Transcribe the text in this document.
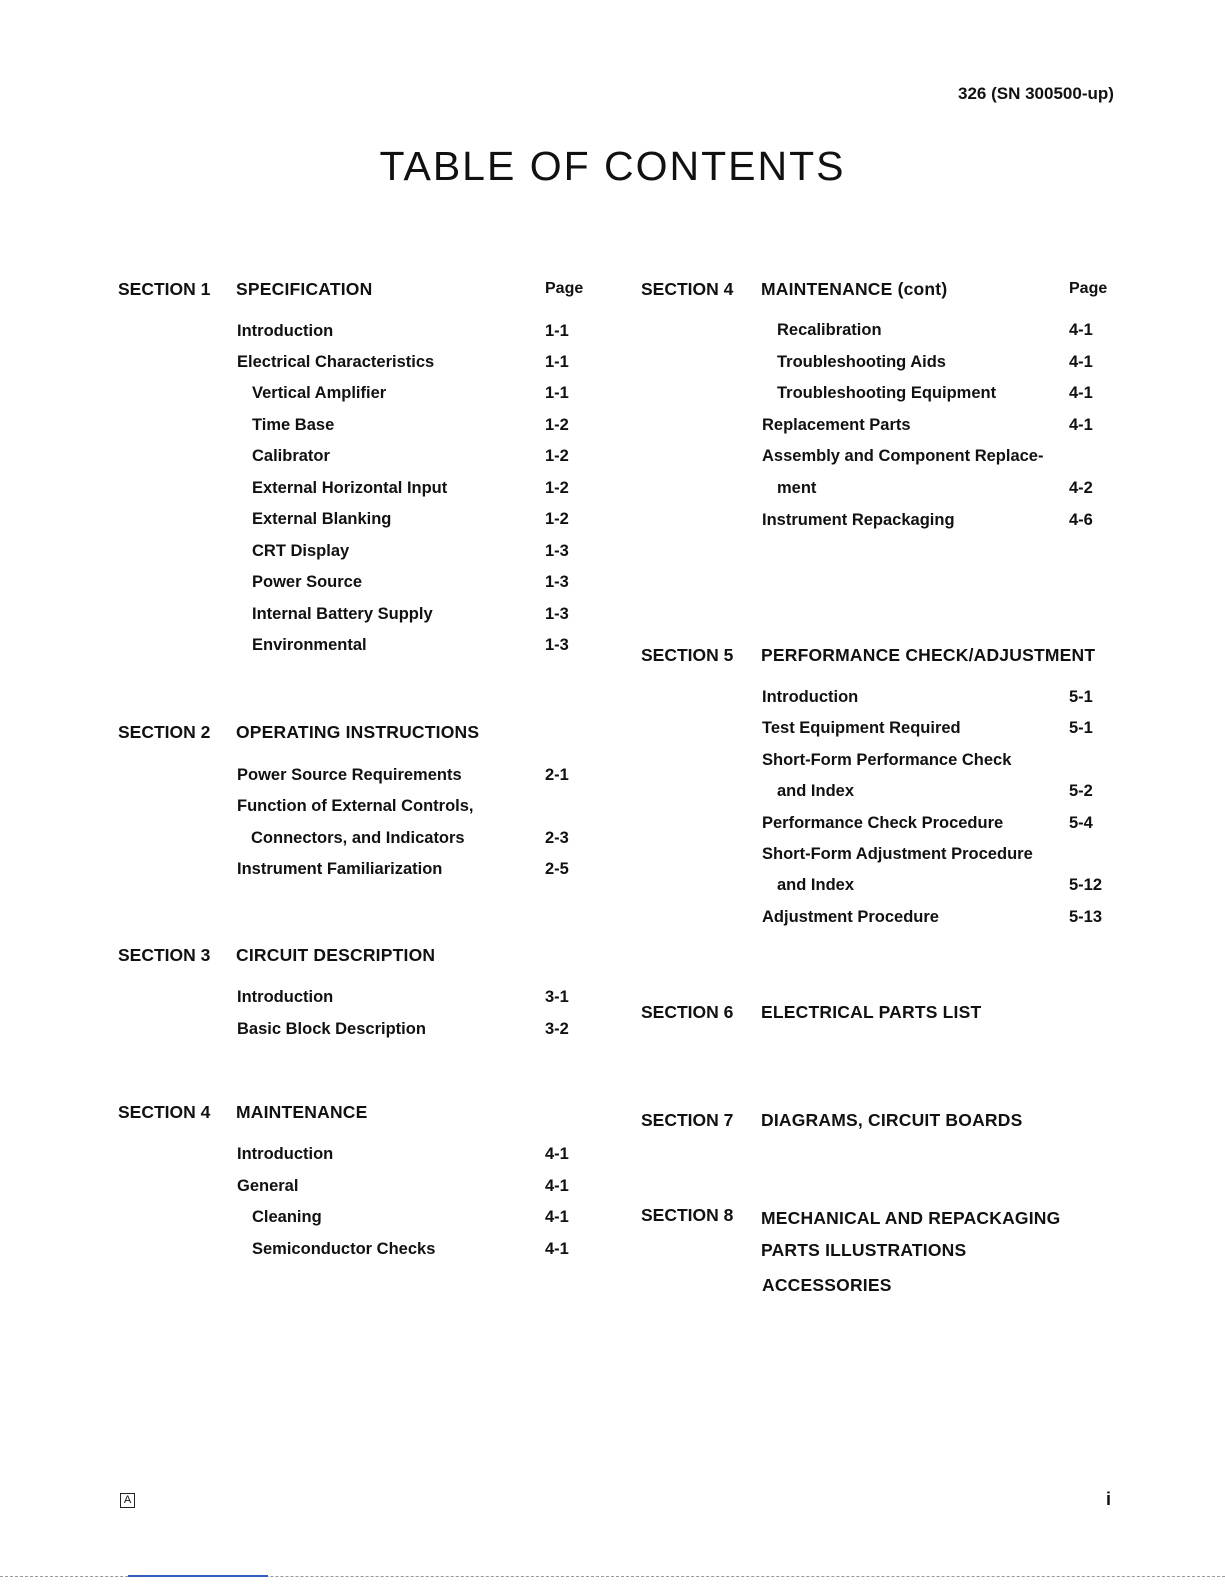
326 (SN 300500-up)
TABLE OF CONTENTS
SECTION 1 SPECIFICATION	Page
Introduction	1-1
Electrical Characteristics	1-1
Vertical Amplifier	1-1
Time Base	1-2
Calibrator	1-2
External Horizontal Input	1-2
External Blanking	1-2
CRT Display	1-3
Power Source	1-3
Internal Battery Supply	1-3
Environmental	1-3
SECTION 2 OPERATING INSTRUCTIONS
Power Source Requirements	2-1
Function of External Controls,
Connectors, and Indicators	2-3
Instrument Familiarization	2-5
SECTION 3 CIRCUIT DESCRIPTION
Introduction	3-1
Basic Block Description	3-2
SECTION 4 MAINTENANCE
Introduction	4-1
General	4-1
Cleaning	4-1
Semiconductor Checks	4-1
SECTION 4 MAINTENANCE (cont)	Page
Recalibration	4-1
Troubleshooting Aids	4-1
Troubleshooting Equipment	4-1
Replacement Parts	4-1
Assembly and Component Replace-
ment	4-2
Instrument Repackaging	4-6
SECTION 5 PERFORMANCE CHECK/ADJUSTMENT
Introduction	5-1
Test Equipment Required	5-1
Short-Form Performance Check
and Index	5-2
Performance Check Procedure	5-4
Short-Form Adjustment Procedure
and Index	5-12
Adjustment Procedure	5-13
SECTION 6 ELECTRICAL PARTS LIST
SECTION 7 DIAGRAMS, CIRCUIT BOARDS
SECTION 8 MECHANICAL AND REPACKAGING
PARTS ILLUSTRATIONS
ACCESSORIES
A	i
